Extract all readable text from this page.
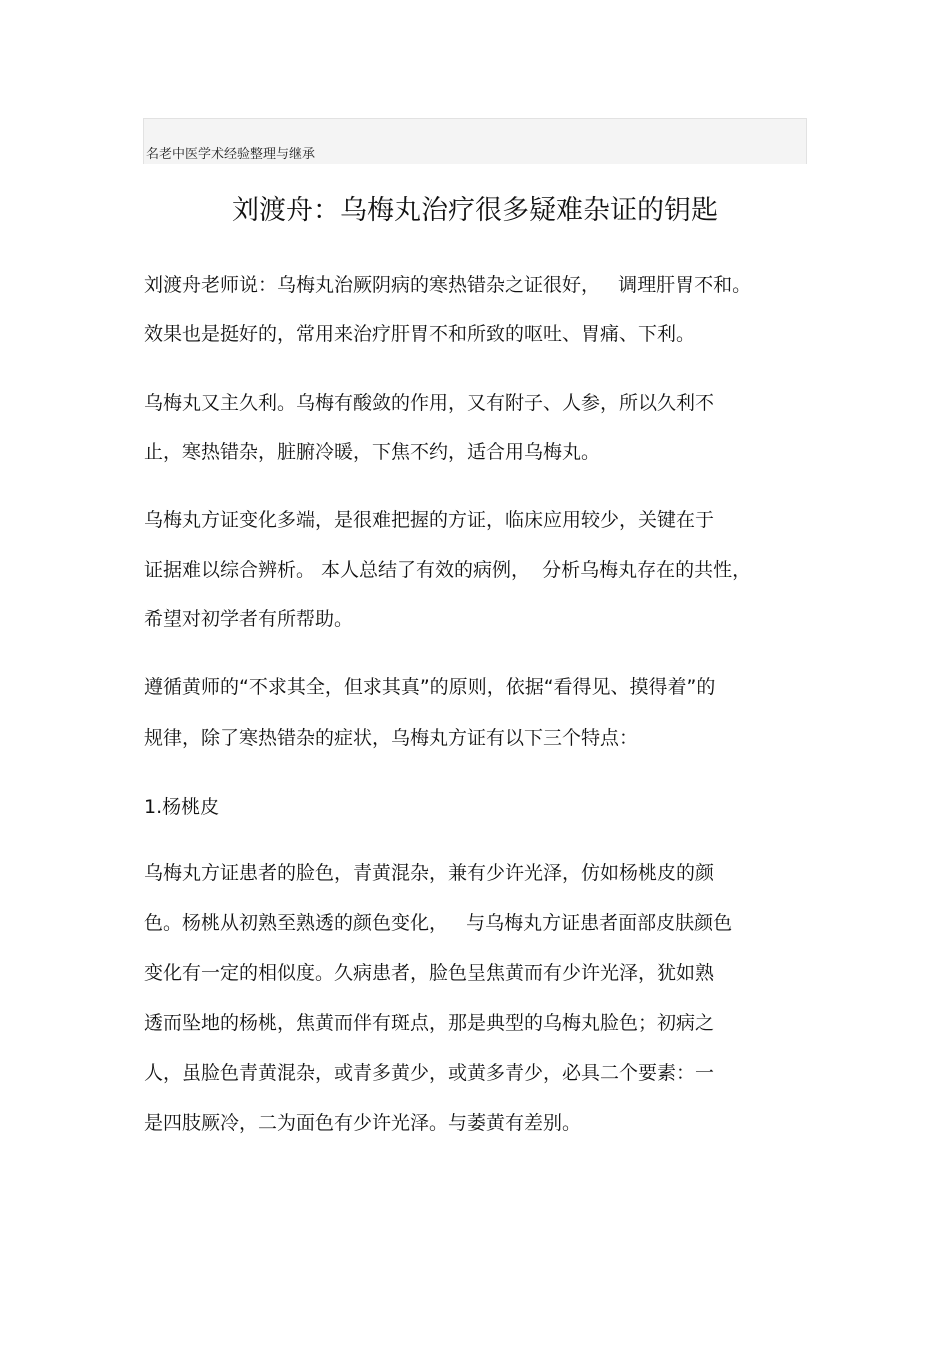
名老中医学术经验整理与继承
刘渡舟：乌梅丸治疗很多疑难杂证的钥匙
刘渡舟老师说：乌梅丸治厥阴病的寒热错杂之证很好，   调理肝胃不和。
效果也是挺好的，常用来治疗肝胃不和所致的呕吐、胃痛、下利。
乌梅丸又主久利。乌梅有酸敛的作用，又有附子、人参，所以久利不
止，寒热错杂，脏腑冷暖，下焦不约，适合用乌梅丸。
乌梅丸方证变化多端，是很难把握的方证，临床应用较少，关键在于
证据难以综合辨析。 本人总结了有效的病例，  分析乌梅丸存在的共性，
希望对初学者有所帮助。
遵循黄师的“不求其全，但求其真”的原则，依据“看得见、摸得着”的
规律，除了寒热错杂的症状，乌梅丸方证有以下三个特点：
1.杨桃皮
乌梅丸方证患者的脸色，青黄混杂，兼有少许光泽，仿如杨桃皮的颜
色。杨桃从初熟至熟透的颜色变化，   与乌梅丸方证患者面部皮肤颜色
变化有一定的相似度。久病患者，脸色呈焦黄而有少许光泽，犹如熟
透而坠地的杨桃，焦黄而伴有斑点，那是典型的乌梅丸脸色；初病之
人，虽脸色青黄混杂，或青多黄少，或黄多青少，必具二个要素：一
是四肢厥冷，二为面色有少许光泽。与萎黄有差别。
